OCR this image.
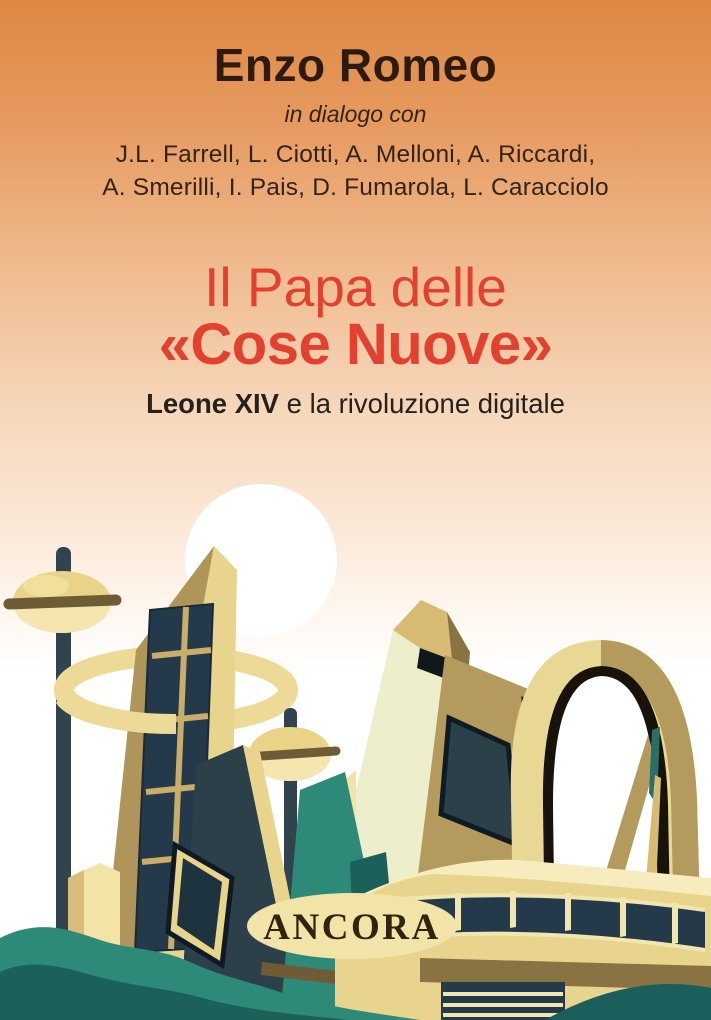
ANCORA
Enzo Romeo
in dialogo con
J.L. Farrell, L. Ciotti, A. Melloni, A. Riccardi,
A. Smerilli, I. Pais, D. Fumarola, L. Caracciolo
Il Papa delle
«Cose Nuove»
Leone XIV e la rivoluzione digitale
